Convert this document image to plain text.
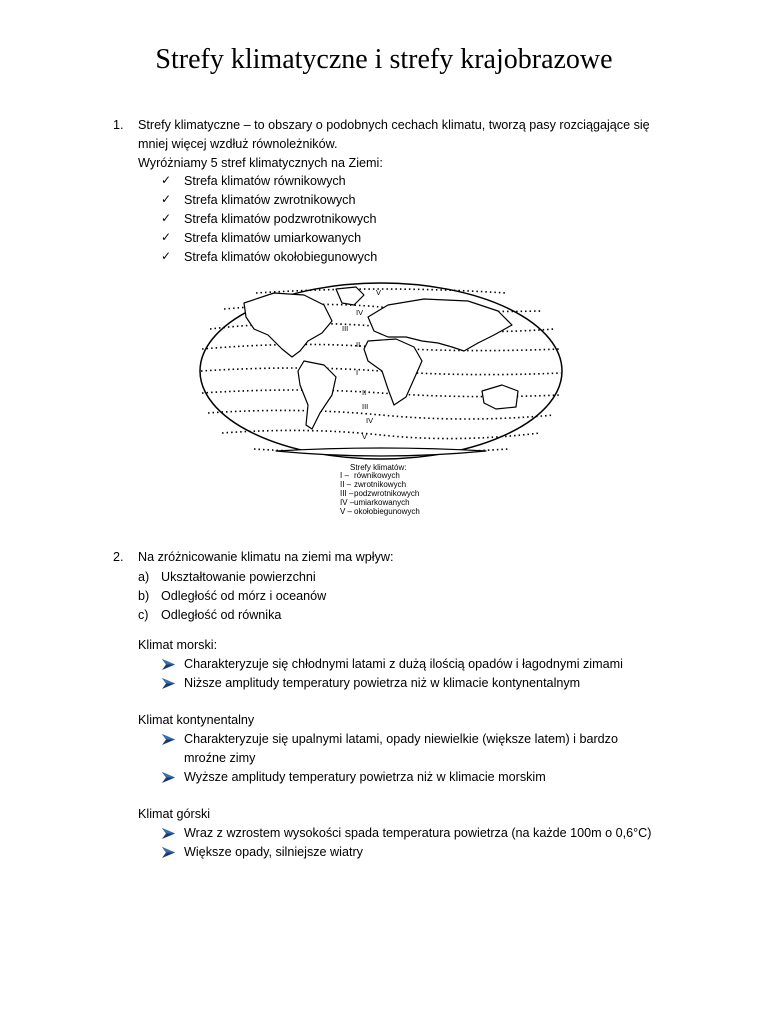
Strefy klimatyczne i strefy krajobrazowe
1. Strefy klimatyczne – to obszary o podobnych cechach klimatu, tworzą pasy rozciągające się
mniej więcej wzdłuż równoleżników.
Wyróżniamy 5 stref klimatycznych na Ziemi:
✓ Strefa klimatów równikowych
✓ Strefa klimatów zwrotnikowych
✓ Strefa klimatów podzwrotnikowych
✓ Strefa klimatów umiarkowanych
✓ Strefa klimatów okołobiegunowych
V
IV
III
II
I
II
III
IV
V
Strefy klimatów:
I – równikowych
II – zwrotnikowych
III – podzwrotnikowych
IV – umiarkowanych
V – okołobiegunowych
2. Na zróżnicowanie klimatu na ziemi ma wpływ:
a) Ukształtowanie powierzchni
b) Odległość od mórz i oceanów
c) Odległość od równika
Klimat morski:
Charakteryzuje się chłodnymi latami z dużą ilością opadów i łagodnymi zimami
Niższe amplitudy temperatury powietrza niż w klimacie kontynentalnym
Klimat kontynentalny
Charakteryzuje się upalnymi latami, opady niewielkie (większe latem) i bardzo
mroźne zimy
Wyższe amplitudy temperatury powietrza niż w klimacie morskim
Klimat górski
Wraz z wzrostem wysokości spada temperatura powietrza (na każde 100m o 0,6°C)
Większe opady, silniejsze wiatry
